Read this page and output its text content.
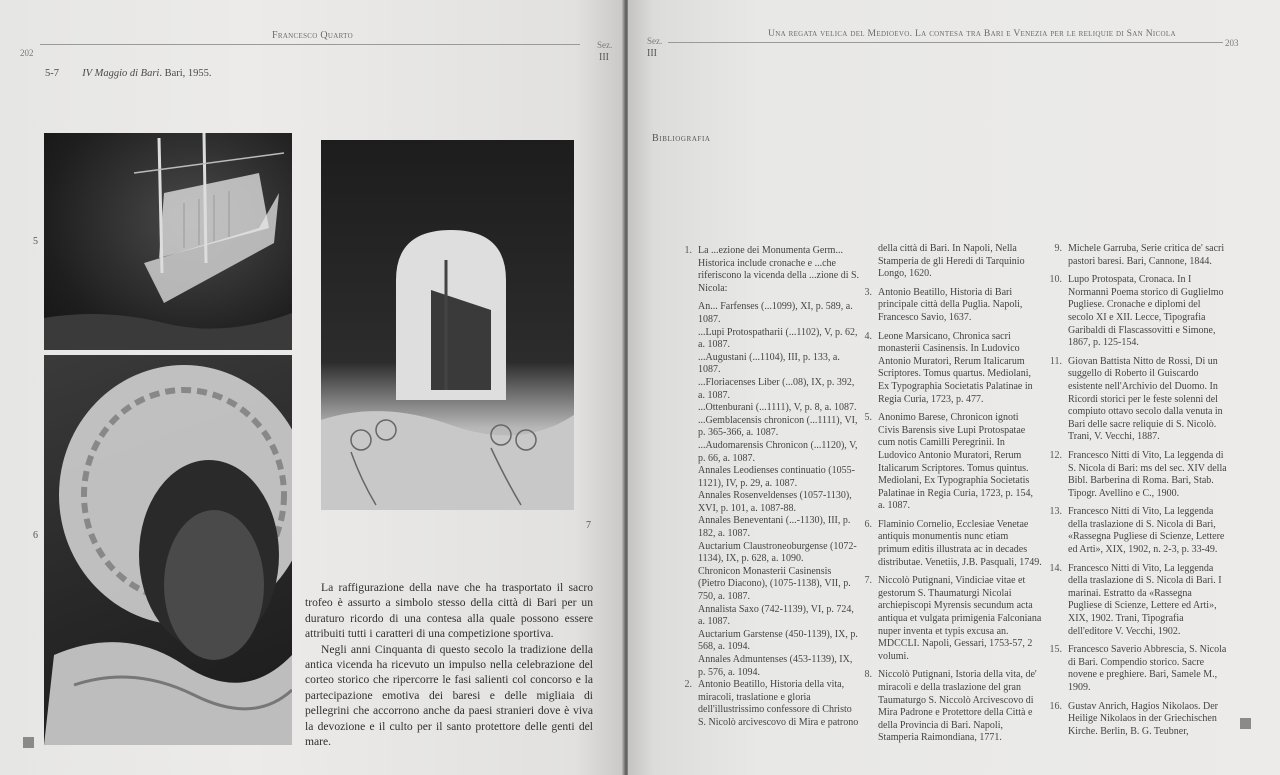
202
Francesco Quarto
Sez.
III
5-7 IV Maggio di Bari. Bari, 1955.
5
6
7

La raffigurazione della nave che ha trasportato il sacro trofeo è assurto a simbolo stesso della città di Bari per un duraturo ricordo di una contesa alla quale possono essere attribuiti tutti i caratteri di una competizione sportiva.

Negli anni Cinquanta di questo secolo la tradizione della antica vicenda ha ricevuto un impulso nella celebrazione del corteo storico che ripercorre le fasi salienti col concorso e la partecipazione emotiva dei baresi e delle migliaia di pellegrini che accorrono anche da paesi stranieri dove è viva la devozione e il culto per il santo protettore delle genti del mare.

Sez.
III
Una regata velica del Medioevo. La contesa tra Bari e Venezia per le reliquie di San Nicola
203
Bibliografia
1. La ...ezione dei Monumenta Germ... Historica include cronache e ...che riferiscono la vicenda della ...zione di S. Nicola:
An... Farfenses (...1099), XI, p. 589, a. 1087.
...Lupi Protospatharii (...1102), V, p. 62, a. 1087.
...Augustani (...1104), III, p. 133, a. 1087.
...Floriacenses Liber (...08), IX, p. 392, a. 1087.
...Ottenburani (...1111), V, p. 8, a. 1087.
...Gemblacensis chronicon (...1111), VI, p. 365-366, a. 1087.
...Audomarensis Chronicon (...1120), V, p. 66, a. 1087.
Annales Leodienses continuatio (1055-1121), IV, p. 29, a. 1087.
Annales Rosenveldenses (1057-1130), XVI, p. 101, a. 1087-88.
Annales Beneventani (...-1130), III, p. 182, a. 1087.
Auctarium Claustroneoburgense (1072-1134), IX, p. 628, a. 1090.
Chronicon Monasterii Casinensis (Pietro Diacono), (1075-1138), VII, p. 750, a. 1087.
Annalista Saxo (742-1139), VI, p. 724, a. 1087.
Auctarium Garstense (450-1139), IX, p. 568, a. 1094.
Annales Admuntenses (453-1139), IX, p. 576, a. 1094.
2. Antonio Beatillo, Historia della vita, miracoli, traslatione e gloria dell'illustrissimo confessore di Christo S. Nicolò arcivescovo di Mira e patrono
della città di Bari. In Napoli, Nella Stamperia de gli Heredi di Tarquinio Longo, 1620.
3. Antonio Beatillo, Historia di Bari principale città della Puglia. Napoli, Francesco Savio, 1637.
4. Leone Marsicano, Chronica sacri monasterii Casinensis. In Ludovico Antonio Muratori, Rerum Italicarum Scriptores. Tomus quartus. Mediolani, Ex Typographia Societatis Palatinae in Regia Curia, 1723, p. 477.
5. Anonimo Barese, Chronicon ignoti Civis Barensis sive Lupi Protospatae cum notis Camilli Peregrinii. In Ludovico Antonio Muratori, Rerum Italicarum Scriptores. Tomus quintus. Mediolani, Ex Typographia Societatis Palatinae in Regia Curia, 1723, p. 154, a. 1087.
6. Flaminio Cornelio, Ecclesiae Venetae antiquis monumentis nunc etiam primum editis illustrata ac in decades distributae. Venetiis, J.B. Pasquali, 1749.
7. Niccolò Putignani, Vindiciae vitae et gestorum S. Thaumaturgi Nicolai archiepiscopi Myrensis secundum acta antiqua et vulgata primigenia Falconiana nuper inventa et typis excusa an. MDCCLI. Napoli, Gessari, 1753-57, 2 volumi.
8. Niccolò Putignani, Istoria della vita, de' miracoli e della traslazione del gran Taumaturgo S. Niccolò Arcivescovo di Mira Padrone e Protettore della Città e della Provincia di Bari. Napoli, Stamperia Raimondiana, 1771.
9. Michele Garruba, Serie critica de' sacri pastori baresi. Bari, Cannone, 1844.
10. Lupo Protospata, Cronaca. In I Normanni Poema storico di Guglielmo Pugliese. Cronache e diplomi del secolo XI e XII. Lecce, Tipografia Garibaldi di Flascassovitti e Simone, 1867, p. 125-154.
11. Giovan Battista Nitto de Rossi, Di un suggello di Roberto il Guiscardo esistente nell'Archivio del Duomo. In Ricordi storici per le feste solenni del compiuto ottavo secolo dalla venuta in Bari delle sacre reliquie di S. Nicolò. Trani, V. Vecchi, 1887.
12. Francesco Nitti di Vito, La leggenda di S. Nicola di Bari: ms del sec. XIV della Bibl. Barberina di Roma. Bari, Stab. Tipogr. Avellino e C., 1900.
13. Francesco Nitti di Vito, La leggenda della traslazione di S. Nicola di Bari, «Rassegna Pugliese di Scienze, Lettere ed Arti», XIX, 1902, n. 2-3, p. 33-49.
14. Francesco Nitti di Vito, La leggenda della traslazione di S. Nicola di Bari. I marinai. Estratto da «Rassegna Pugliese di Scienze, Lettere ed Arti», XIX, 1902. Trani, Tipografia dell'editore V. Vecchi, 1902.
15. Francesco Saverio Abbrescia, S. Nicola di Bari. Compendio storico. Sacre novene e preghiere. Bari, Samele M., 1909.
16. Gustav Anrich, Hagios Nikolaos. Der Heilige Nikolaos in der Griechischen Kirche. Berlin, B. G. Teubner,
